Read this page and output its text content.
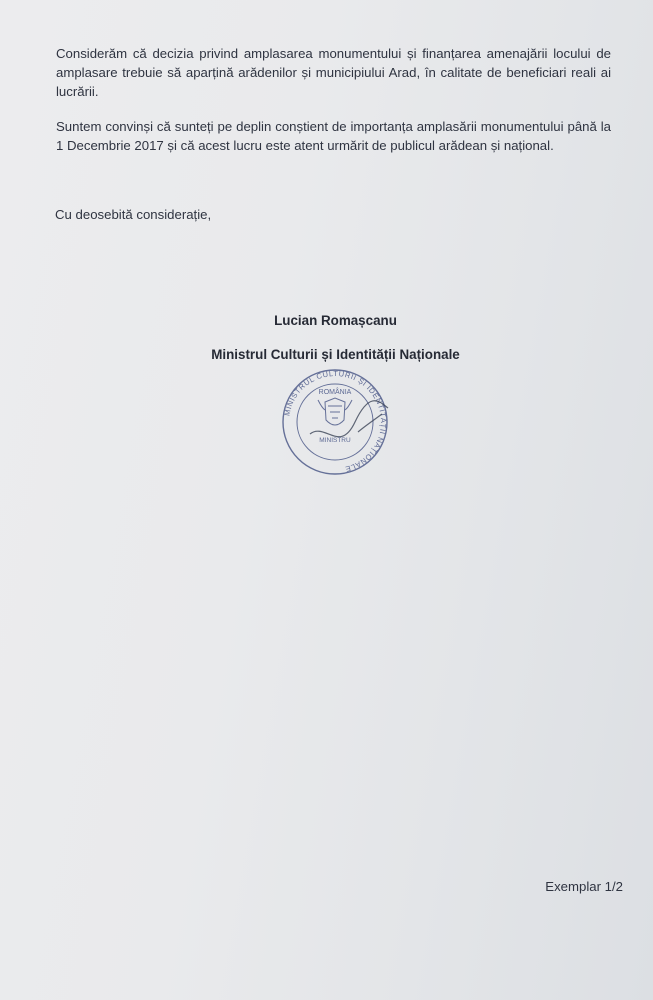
Considerăm că decizia privind amplasarea monumentului și finanțarea amenajării locului de amplasare trebuie să aparțină arădenilor și municipiului Arad, în calitate de beneficiari reali ai lucrării.

Suntem convinși că sunteți pe deplin conștient de importanța amplasării monumentului până la 1 Decembrie 2017 și că acest lucru este atent urmărit de publicul arădean și național.

Cu deosebită considerație,
Lucian Romașcanu
Ministrul Culturii și Identității Naționale
MINISTRUL CULTURII ȘI IDENTITĂȚII NAȚIONALE
ROMÂNIA
MINISTRU
Exemplar 1/2
